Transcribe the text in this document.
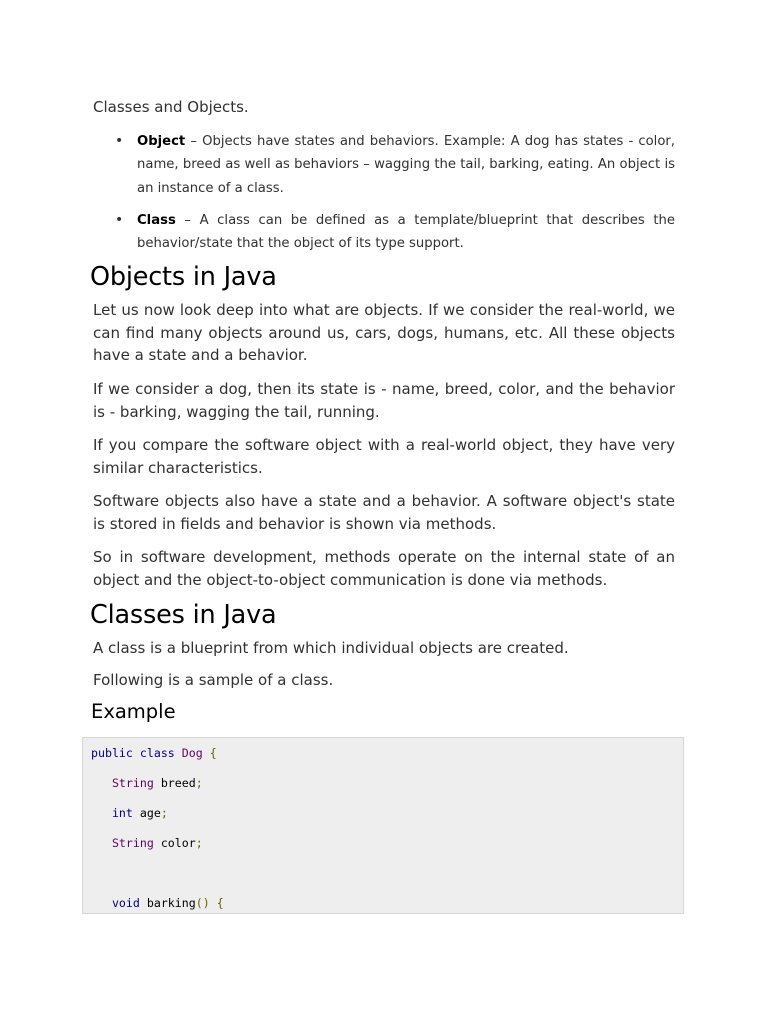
Classes and Objects.

• Object – Objects have states and behaviors. Example: A dog has states - color, name, breed as well as behaviors – wagging the tail, barking, eating. An object is an instance of a class.
• Class – A class can be defined as a template/blueprint that describes the behavior/state that the object of its type support.
Objects in Java

Let us now look deep into what are objects. If we consider the real-world, we can find many objects around us, cars, dogs, humans, etc. All these objects have a state and a behavior.

If we consider a dog, then its state is - name, breed, color, and the behavior is - barking, wagging the tail, running.

If you compare the software object with a real-world object, they have very similar characteristics.

Software objects also have a state and a behavior. A software object's state is stored in fields and behavior is shown via methods.

So in software development, methods operate on the internal state of an object and the object-to-object communication is done via methods.

Classes in Java

A class is a blueprint from which individual objects are created.

Following is a sample of a class.

Example
public class Dog {
String breed;
int age;
String color;
void barking() {
